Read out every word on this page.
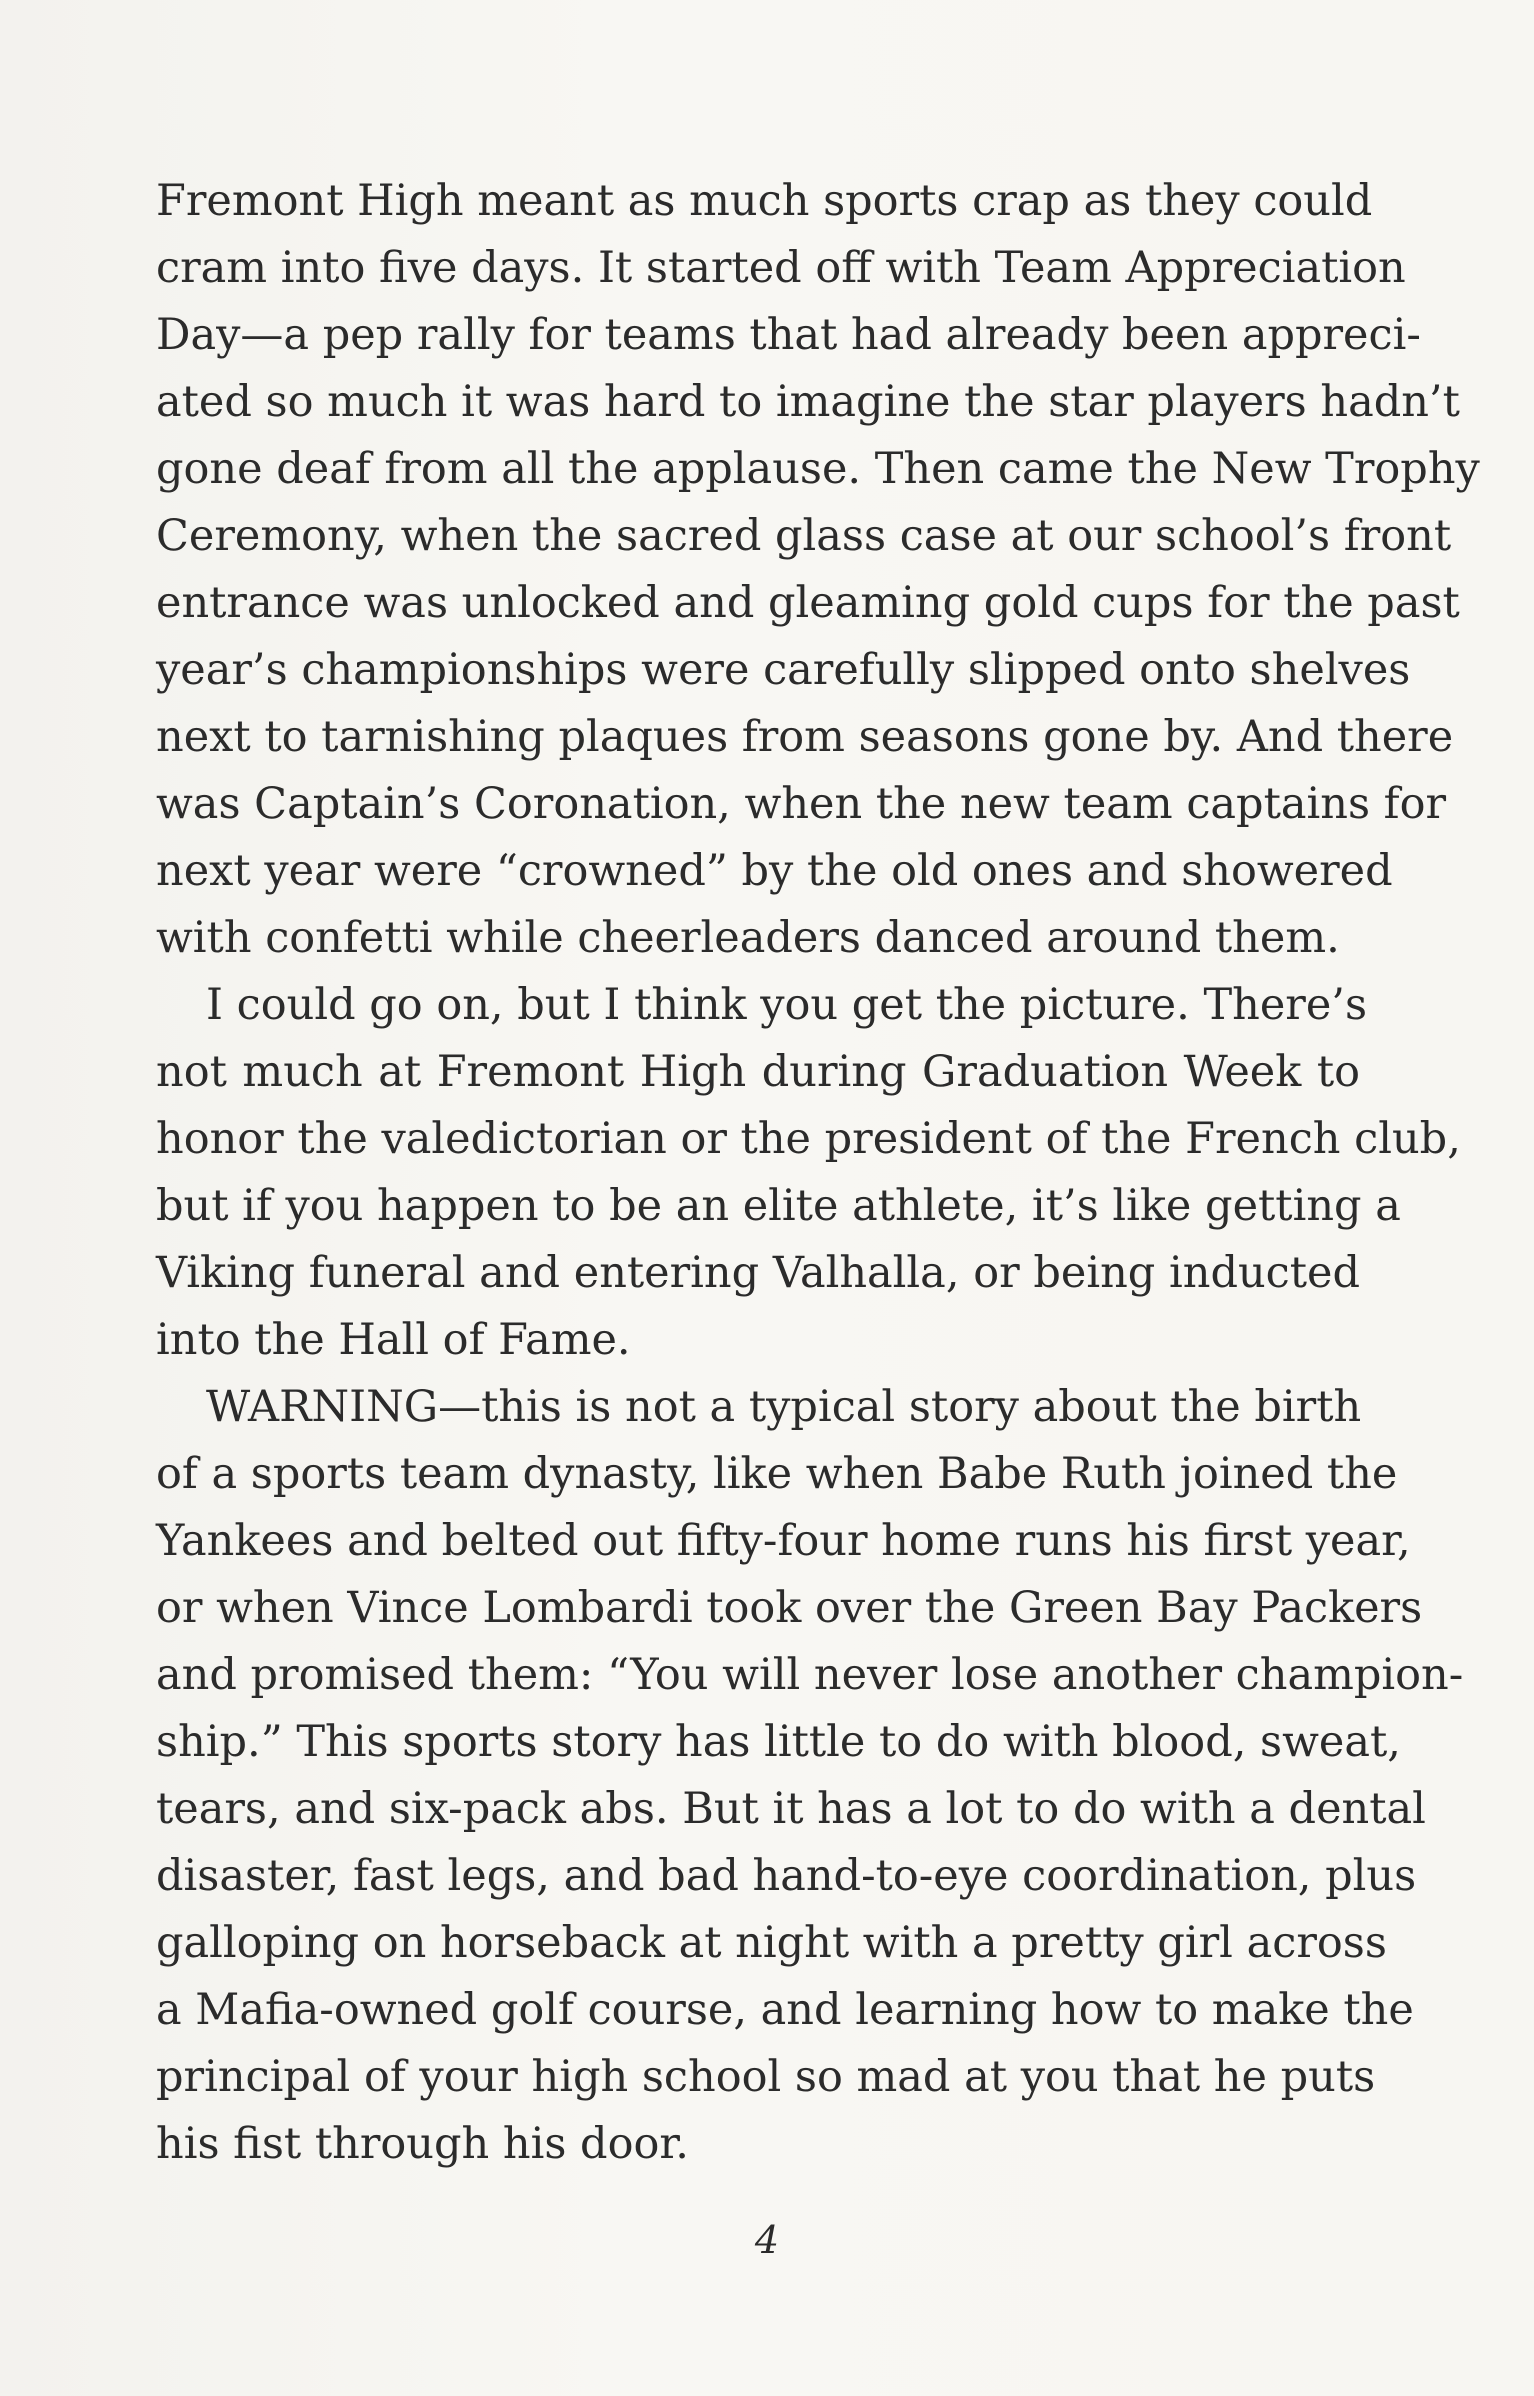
Fremont High meant as much sports crap as they could
cram into five days. It started off with Team Appreciation
Day—a pep rally for teams that had already been appreci-
ated so much it was hard to imagine the star players hadn’t
gone deaf from all the applause. Then came the New Trophy
Ceremony, when the sacred glass case at our school’s front
entrance was unlocked and gleaming gold cups for the past
year’s championships were carefully slipped onto shelves
next to tarnishing plaques from seasons gone by. And there
was Captain’s Coronation, when the new team captains for
next year were “crowned” by the old ones and showered
with confetti while cheerleaders danced around them.
I could go on, but I think you get the picture. There’s
not much at Fremont High during Graduation Week to
honor the valedictorian or the president of the French club,
but if you happen to be an elite athlete, it’s like getting a
Viking funeral and entering Valhalla, or being inducted
into the Hall of Fame.
WARNING—this is not a typical story about the birth
of a sports team dynasty, like when Babe Ruth joined the
Yankees and belted out fifty-four home runs his first year,
or when Vince Lombardi took over the Green Bay Packers
and promised them: “You will never lose another champion-
ship.” This sports story has little to do with blood, sweat,
tears, and six-pack abs. But it has a lot to do with a dental
disaster, fast legs, and bad hand-to-eye coordination, plus
galloping on horseback at night with a pretty girl across
a Mafia-owned golf course, and learning how to make the
principal of your high school so mad at you that he puts
his fist through his door.
4
